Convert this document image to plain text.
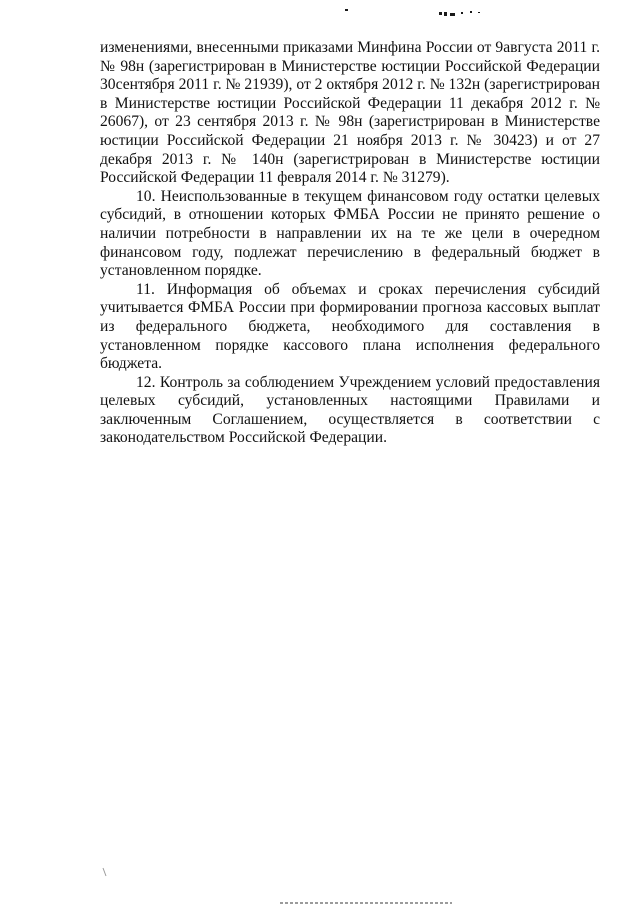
изменениями, внесенными приказами Минфина России от 9августа 2011 г. № 98н (зарегистрирован в Министерстве юстиции Российской Федерации 30сентября 2011 г. № 21939), от 2 октября 2012 г. № 132н (зарегистрирован в Министерстве юстиции Российской Федерации 11 декабря 2012 г. № 26067), от 23 сентября 2013 г. № 98н (зарегистрирован в Министерстве юстиции Российской Федерации 21 ноября 2013 г. № 30423) и от 27 декабря 2013 г. № 140н (зарегистрирован в Министерстве юстиции Российской Федерации 11 февраля 2014 г. № 31279).

10. Неиспользованные в текущем финансовом году остатки целевых субсидий, в отношении которых ФМБА России не принято решение о наличии потребности в направлении их на те же цели в очередном финансовом году, подлежат перечислению в федеральный бюджет в установленном порядке.

11. Информация об объемах и сроках перечисления субсидий учитывается ФМБА России при формировании прогноза кассовых выплат из федерального бюджета, необходимого для составления в установленном порядке кассового плана исполнения федерального бюджета.

12. Контроль за соблюдением Учреждением условий предоставления целевых субсидий, установленных настоящими Правилами и заключенным Соглашением, осуществляется в соответствии с законодательством Российской Федерации.
